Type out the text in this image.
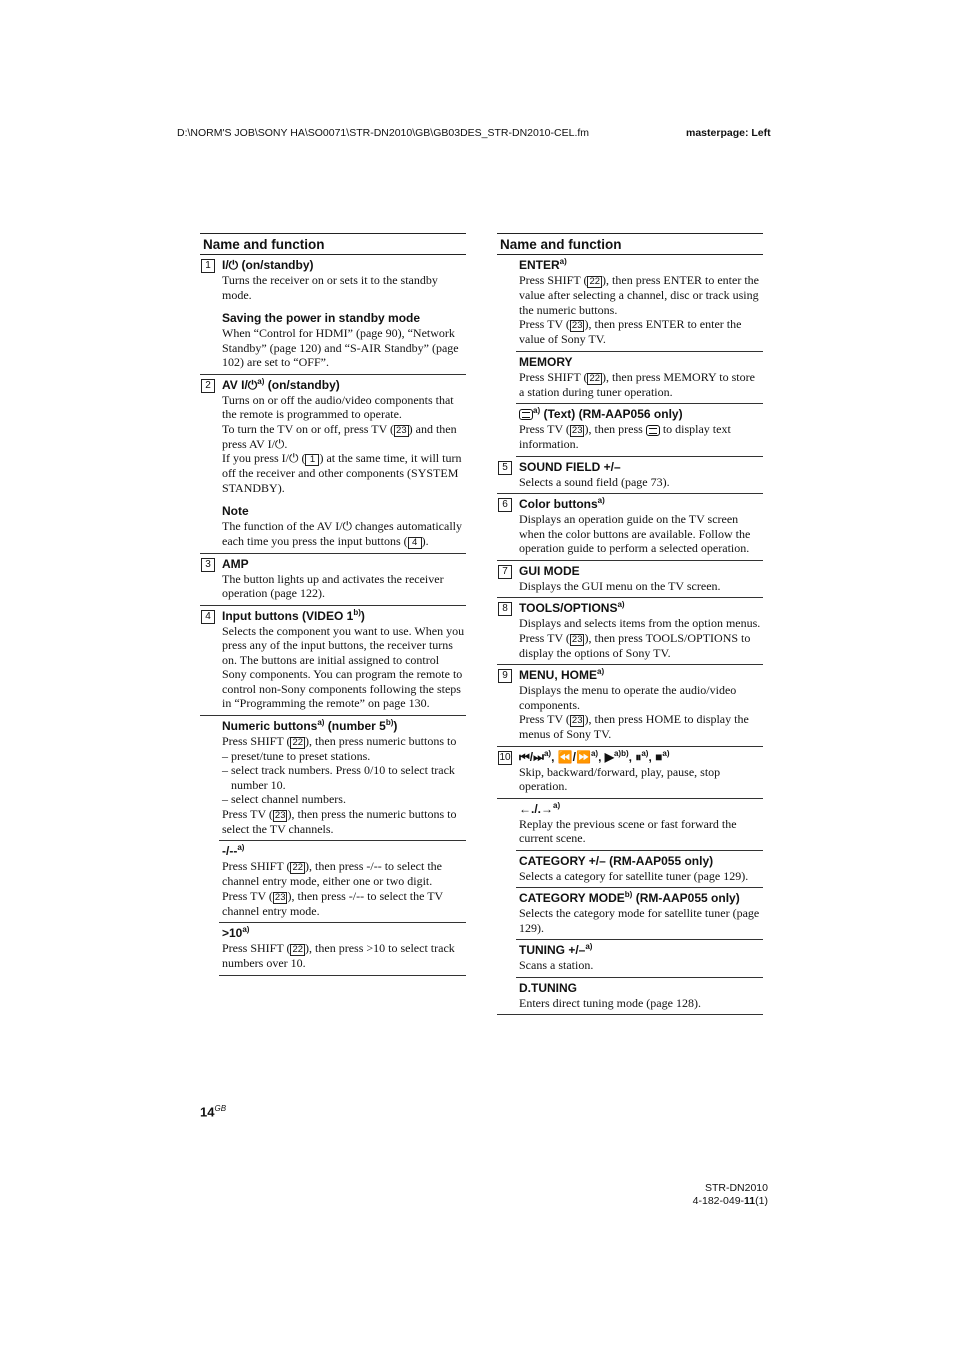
D:\NORM'S JOB\SONY HA\SO0071\STR-DN2010\GB\GB03DES_STR-DN2010-CEL.fm	masterpage: Left
Name and function
1 I/⏻ (on/standby)
Turns the receiver on or sets it to the standby mode.
Saving the power in standby mode
When “Control for HDMI” (page 90), “Network Standby” (page 120) and “S-AIR Standby” (page 102) are set to “OFF”.
2 AV I/⏻$^{a)}$ (on/standby)
Turns on or off the audio/video components that the remote is programmed to operate.
To turn the TV on or off, press TV ( 23 ) and then press AV I/⏻.
If you press I/⏻ ( 1 ) at the same time, it will turn off the receiver and other components (SYSTEM STANDBY).
Note
The function of the AV I/⏻ changes automatically each time you press the input buttons ( 4 ).
3 AMP
The button lights up and activates the receiver operation (page 122).
4 Input buttons (VIDEO 1$^{b)}$)
Selects the component you want to use. When you press any of the input buttons, the receiver turns on. The buttons are initial assigned to control Sony components. You can program the remote to control non-Sony components following the steps in “Programming the remote” on page 130.
Numeric buttons$^{a)}$ (number 5$^{b)}$)
Press SHIFT ( 22 ), then press numeric buttons to
– preset/tune to preset stations.
– select track numbers. Press 0/10 to select track number 10.
– select channel numbers.
Press TV ( 23 ), then press the numeric buttons to select the TV channels.
-/--$^{a)}$
Press SHIFT ( 22 ), then press -/-- to select the channel entry mode, either one or two digit.
Press TV ( 23 ), then press -/-- to select the TV channel entry mode.
$>10^{a)}$
Press SHIFT ( 22 ), then press >10 to select track numbers over 10.
Name and function
ENTER$^{a)}$
Press SHIFT ( 22 ), then press ENTER to enter the value after selecting a channel, disc or track using the numeric buttons.
Press TV ( 23 ), then press ENTER to enter the value of Sony TV.
MEMORY
Press SHIFT ( 22 ), then press MEMORY to store a station during tuner operation.
$^{a)}$ (Text) (RM-AAP056 only)
Press TV ( 23 ), then press  to display text information.
5 SOUND FIELD +/–
Selects a sound field (page 73).
6 Color buttons$^{a)}$
Displays an operation guide on the TV screen when the color buttons are available. Follow the operation guide to perform a selected operation.
7 GUI MODE
Displays the GUI menu on the TV screen.
8 TOOLS/OPTIONS$^{a)}$
Displays and selects items from the option menus.
Press TV ( 23 ), then press TOOLS/OPTIONS to display the options of Sony TV.
9 MENU, HOME$^{a)}$
Displays the menu to operate the audio/video components.
Press TV ( 23 ), then press HOME to display the menus of Sony TV.
10 ⏮/⏭$^{a)}$, ⏪/⏩$^{a)}$, ▶$^{a)b)}$, ⏸$^{a)}$, ■$^{a)}$
Skip, backward/forward, play, pause, stop operation.
←./.→$^{a)}$
Replay the previous scene or fast forward the current scene.
CATEGORY +/– (RM-AAP055 only)
Selects a category for satellite tuner (page 129).
CATEGORY MODE$^{b)}$ (RM-AAP055 only)
Selects the category mode for satellite tuner (page 129).
TUNING +/–$^{a)}$
Scans a station.
D.TUNING
Enters direct tuning mode (page 128).
$14^{GB}$
STR-DN2010
4-182-049-11(1)
